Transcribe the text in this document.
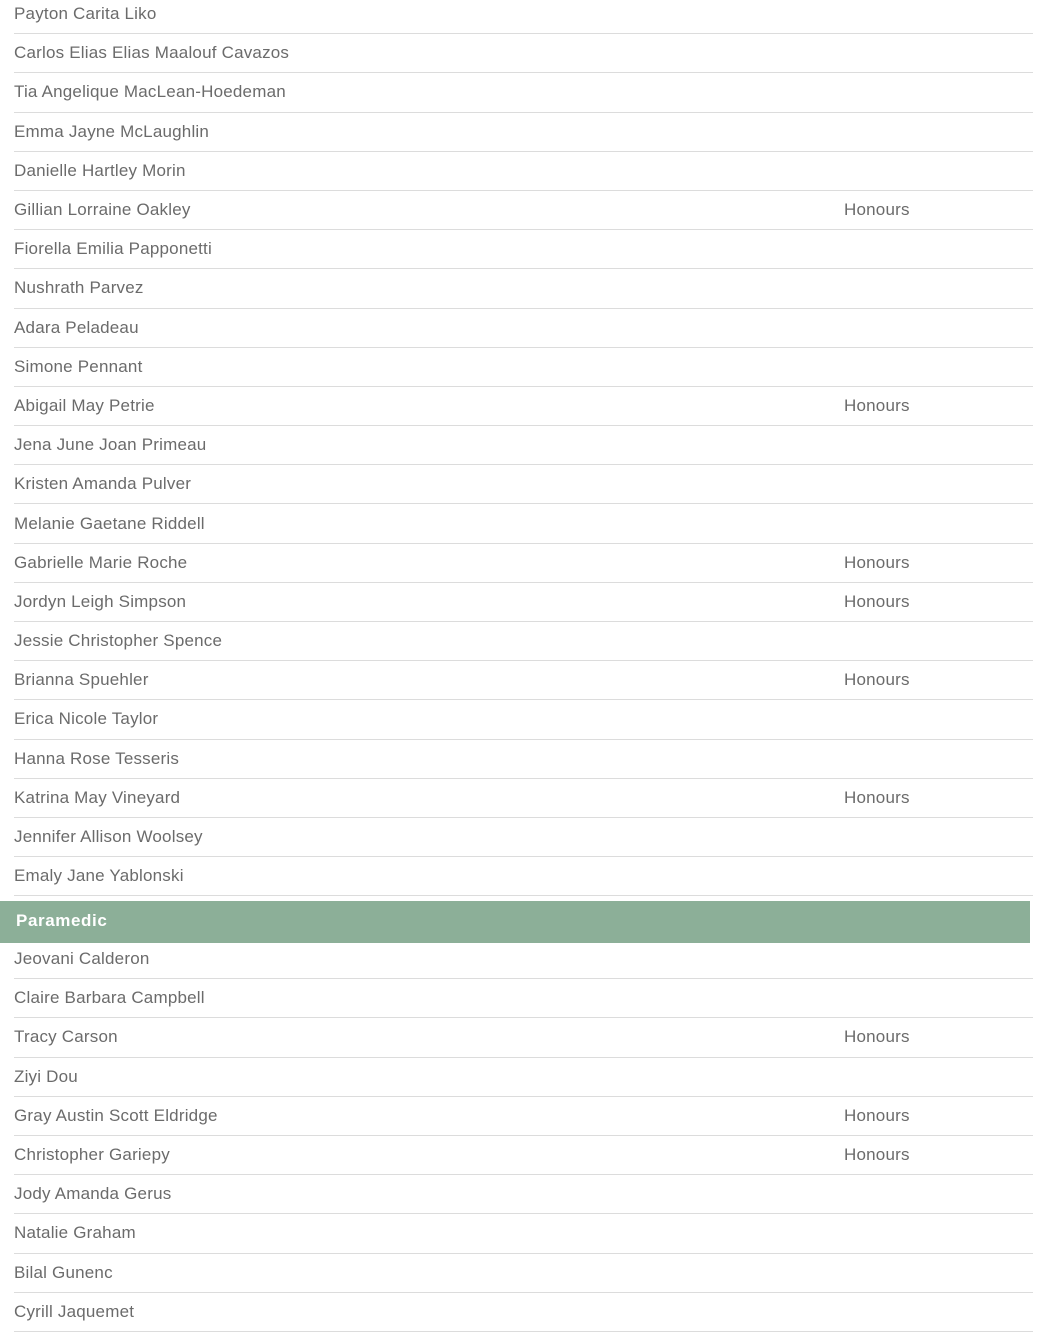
Payton Carita Liko
Carlos Elias Elias Maalouf Cavazos
Tia Angelique MacLean-Hoedeman
Emma Jayne McLaughlin
Danielle Hartley Morin
Gillian Lorraine Oakley	Honours
Fiorella Emilia Papponetti
Nushrath Parvez
Adara Peladeau
Simone Pennant
Abigail May Petrie	Honours
Jena June Joan Primeau
Kristen Amanda Pulver
Melanie Gaetane Riddell
Gabrielle Marie Roche	Honours
Jordyn Leigh Simpson	Honours
Jessie Christopher Spence
Brianna Spuehler	Honours
Erica Nicole Taylor
Hanna Rose Tesseris
Katrina May Vineyard	Honours
Jennifer Allison Woolsey
Emaly Jane Yablonski
Paramedic
Jeovani Calderon
Claire Barbara Campbell
Tracy Carson	Honours
Ziyi Dou
Gray Austin Scott Eldridge	Honours
Christopher Gariepy	Honours
Jody Amanda Gerus
Natalie Graham
Bilal Gunenc
Cyrill Jaquemet
